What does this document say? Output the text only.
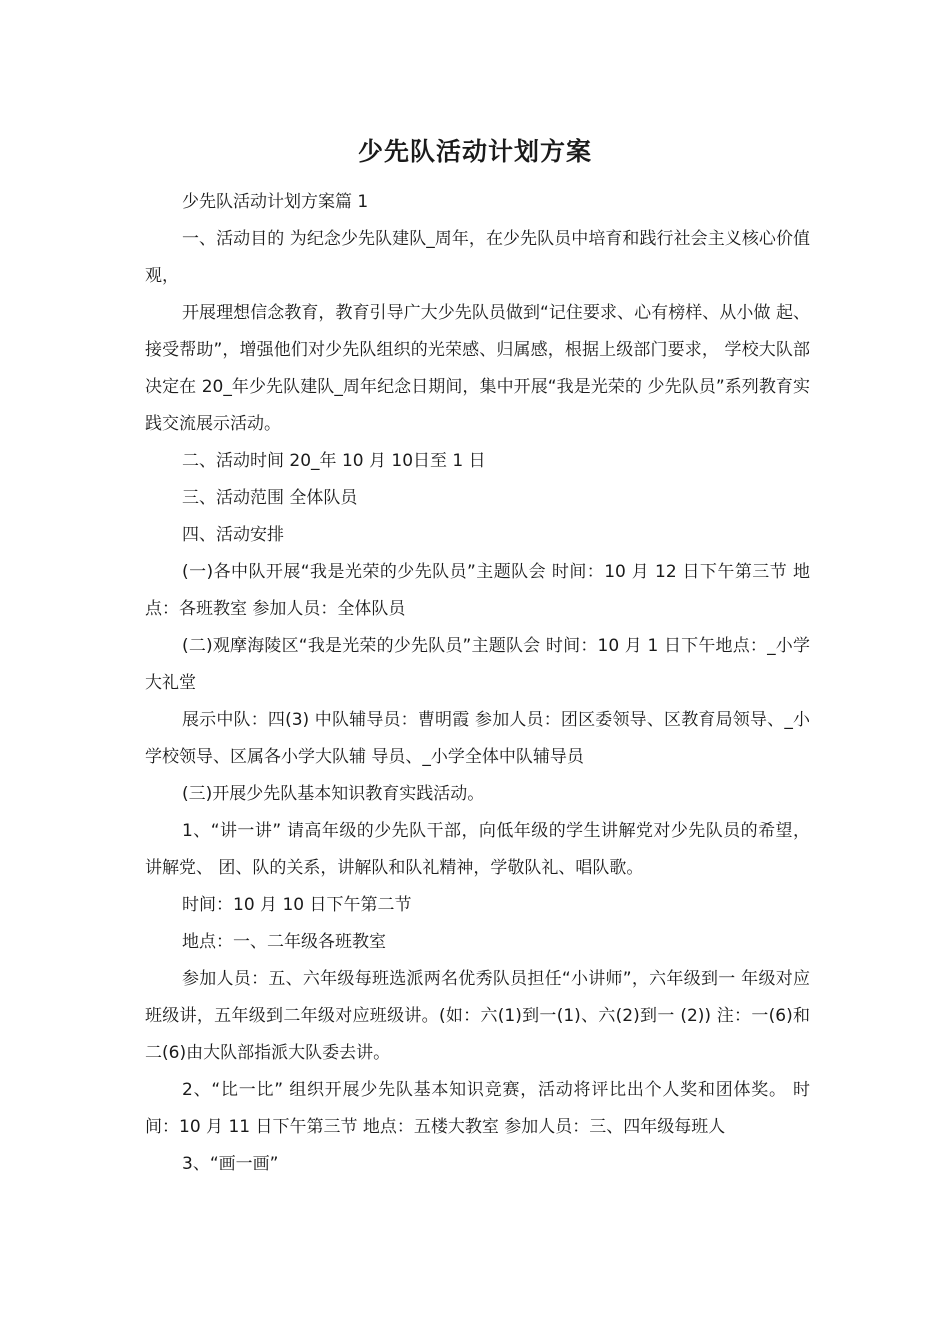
少先队活动计划方案

少先队活动计划方案篇 1

一、活动目的 为纪念少先队建队_周年，在少先队员中培育和践行社会主义核心价值观，

开展理想信念教育，教育引导广大少先队员做到“记住要求、心有榜样、从小做 起、接受帮助”，增强他们对少先队组织的光荣感、归属感，根据上级部门要求， 学校大队部决定在 20_年少先队建队_周年纪念日期间，集中开展“我是光荣的 少先队员”系列教育实践交流展示活动。

二、活动时间 20_年 10 月 10日至 1 日

三、活动范围 全体队员

四、活动安排

(一)各中队开展“我是光荣的少先队员”主题队会 时间：10 月 12 日下午第三节 地点：各班教室 参加人员：全体队员

(二)观摩海陵区“我是光荣的少先队员”主题队会 时间：10 月 1 日下午地点：_小学大礼堂

展示中队：四(3) 中队辅导员：曹明霞 参加人员：团区委领导、区教育局领导、_小学校领导、区属各小学大队辅 导员、_小学全体中队辅导员

(三)开展少先队基本知识教育实践活动。

1、“讲一讲” 请高年级的少先队干部，向低年级的学生讲解党对少先队员的希望，讲解党、 团、队的关系，讲解队和队礼精神，学敬队礼、唱队歌。

时间：10 月 10 日下午第二节

地点：一、二年级各班教室

参加人员：五、六年级每班选派两名优秀队员担任“小讲师”，六年级到一 年级对应班级讲，五年级到二年级对应班级讲。(如：六(1)到一(1)、六(2)到一 (2)) 注：一(6)和二(6)由大队部指派大队委去讲。

2、“比一比” 组织开展少先队基本知识竞赛，活动将评比出个人奖和团体奖。 时间：10 月 11 日下午第三节 地点：五楼大教室 参加人员：三、四年级每班人

3、“画一画”
